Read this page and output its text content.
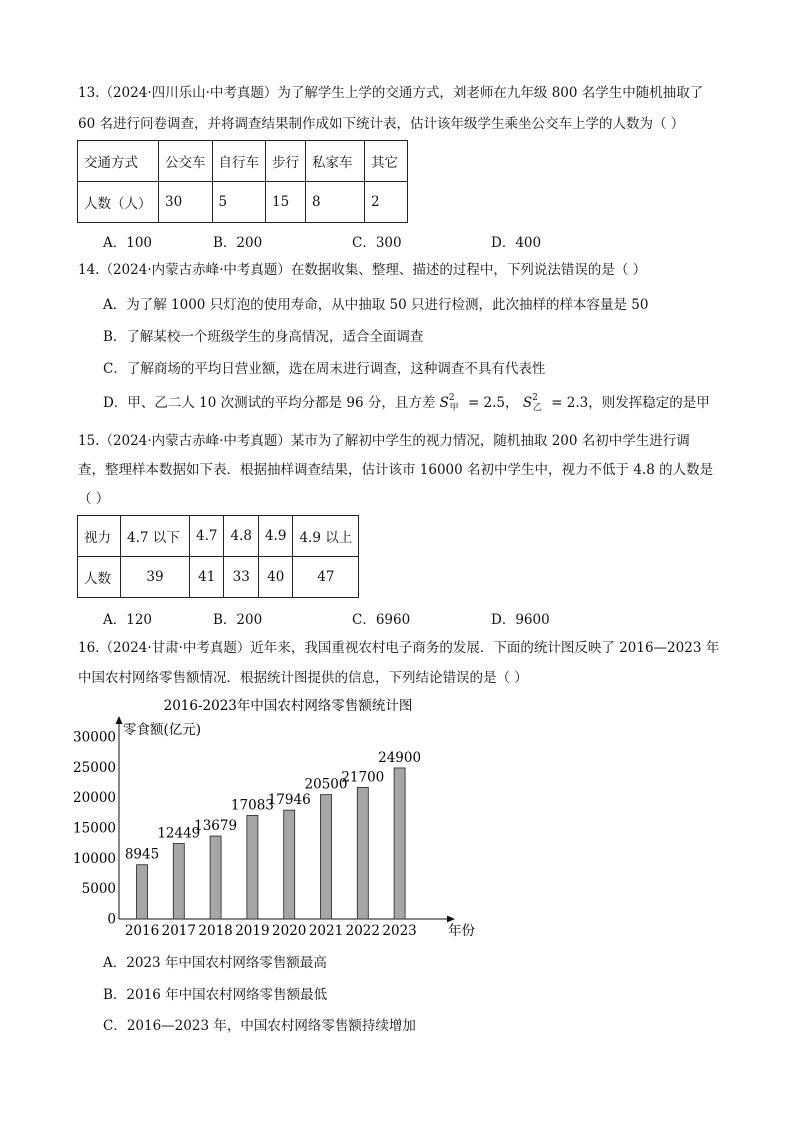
13.（2024·四川乐山·中考真题）为了解学生上学的交通方式，刘老师在九年级 800 名学生中随机抽取了
60 名进行问卷调查，并将调查结果制作成如下统计表，估计该年级学生乘坐公交车上学的人数为（ ）
交通方式	公交车	自行车	步行	私家车	其它
人数（人）	30	5	15	8	2
A．100	B．200	C．300	D．400
14.（2024·内蒙古赤峰·中考真题）在数据收集、整理、描述的过程中，下列说法错误的是（ ）
A．为了解 1000 只灯泡的使用寿命，从中抽取 50 只进行检测，此次抽样的样本容量是 50
B．了解某校一个班级学生的身高情况，适合全面调查
C．了解商场的平均日营业额，选在周末进行调查，这种调查不具有代表性
D．甲、乙二人 10 次测试的平均分都是 96 分，且方差 $S^2_甲 = 2.5$， $S^2_乙 = 2.3$，则发挥稳定的是甲
15.（2024·内蒙古赤峰·中考真题）某市为了解初中学生的视力情况，随机抽取 200 名初中学生进行调
查，整理样本数据如下表．根据抽样调查结果，估计该市 16000 名初中学生中，视力不低于 4.8 的人数是
（ ）
视力	4.7 以下	4.7	4.8	4.9	4.9 以上
人数	39	41	33	40	47
A．120	B．200	C．6960	D．9600
16.（2024·甘肃·中考真题）近年来，我国重视农村电子商务的发展．下面的统计图反映了 2016—2023 年
中国农村网络零售额情况．根据统计图提供的信息，下列结论错误的是（ ）
2016-2023年中国农村网络零售额统计图
零食额(亿元)
年份
0
5000
10000
15000
20000
25000
30000
8945
12449
13679
17083
17946
20500
21700
24900
2016 2017 2018 2019 2020 2021 2022 2023
A．2023 年中国农村网络零售额最高
B．2016 年中国农村网络零售额最低
C．2016—2023 年，中国农村网络零售额持续增加
